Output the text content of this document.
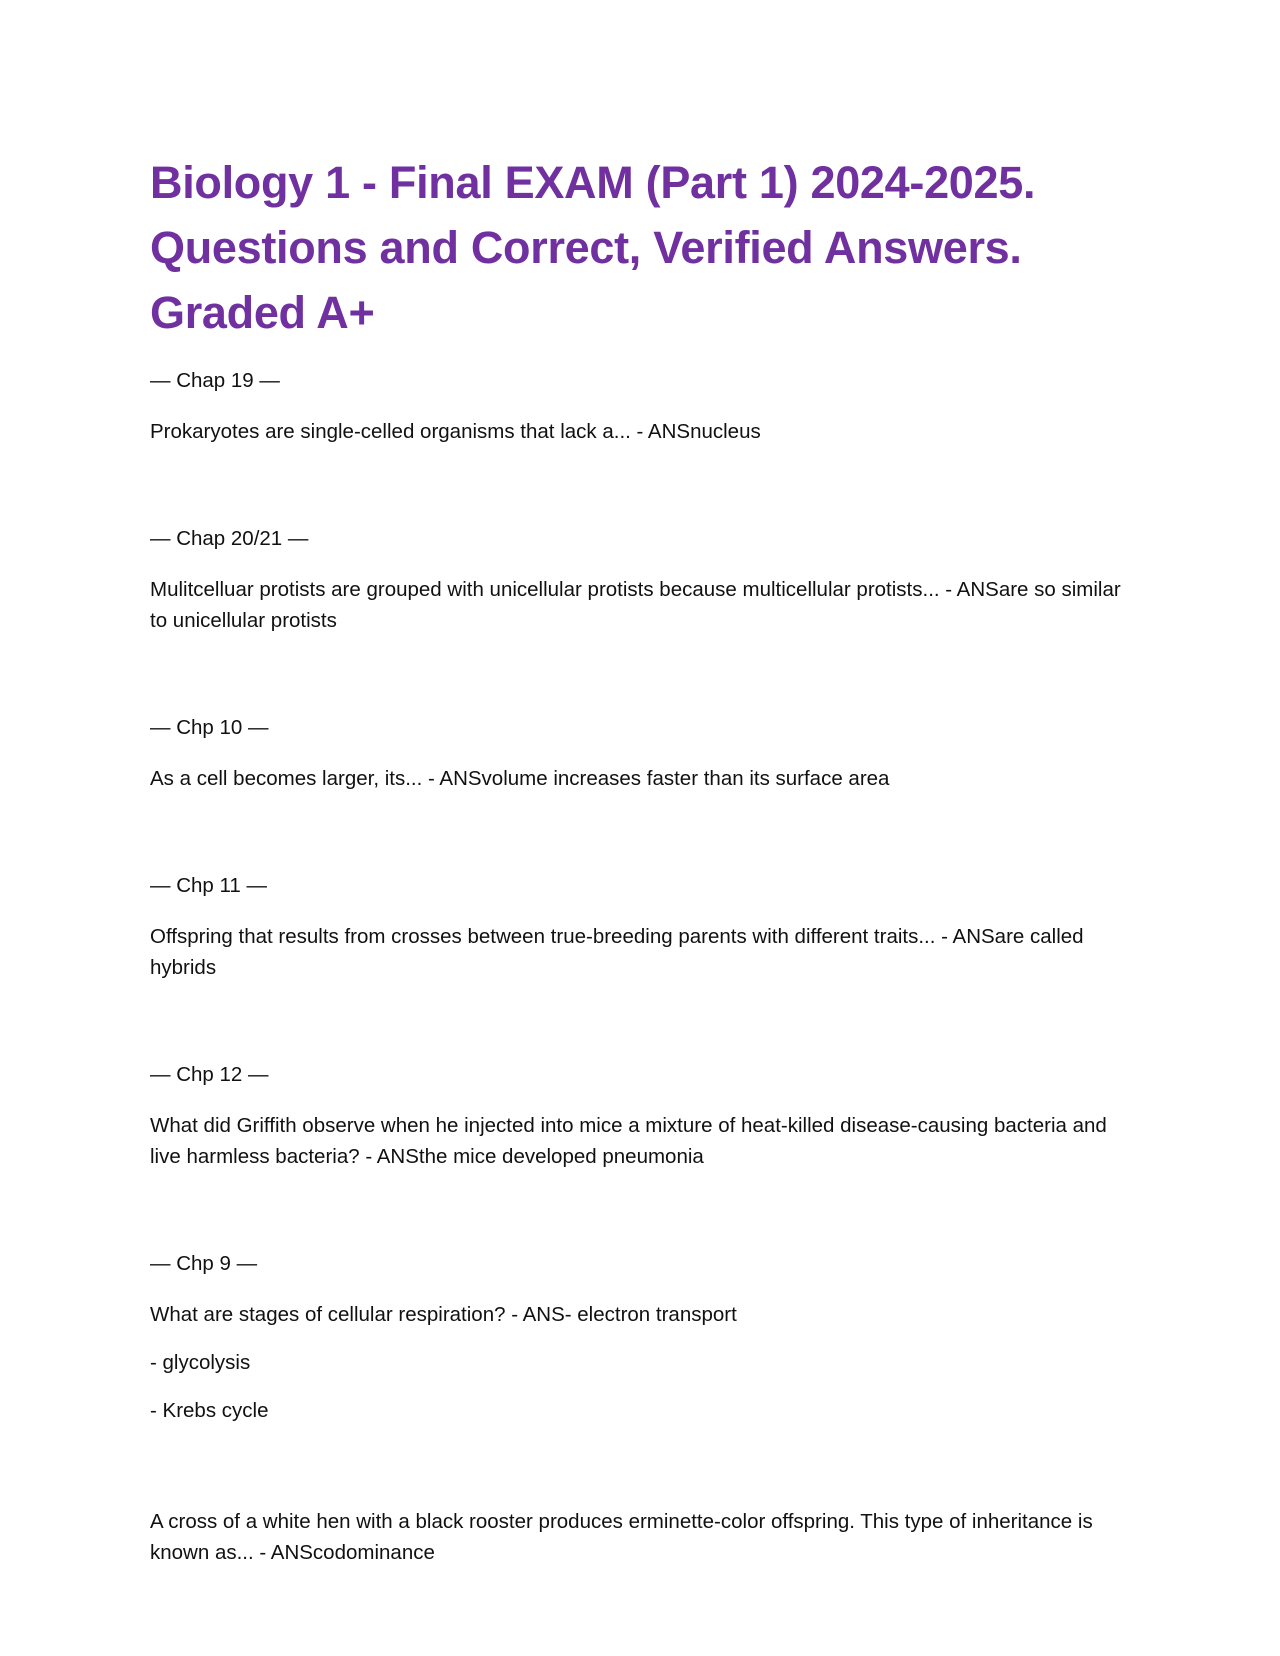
Biology 1 - Final EXAM (Part 1) 2024-2025. Questions and Correct, Verified Answers. Graded A+

— Chap 19 —

Prokaryotes are single-celled organisms that lack a... - ANSnucleus

— Chap 20/21 —

Mulitcelluar protists are grouped with unicellular protists because multicellular protists... - ANSare so similar to unicellular protists

— Chp 10 —

As a cell becomes larger, its... - ANSvolume increases faster than its surface area

— Chp 11 —

Offspring that results from crosses between true-breeding parents with different traits... - ANSare called hybrids

— Chp 12 —

What did Griffith observe when he injected into mice a mixture of heat-killed disease-causing bacteria and live harmless bacteria? - ANSthe mice developed pneumonia

— Chp 9 —

What are stages of cellular respiration? - ANS- electron transport

- glycolysis

- Krebs cycle

A cross of a white hen with a black rooster produces erminette-color offspring. This type of inheritance is known as... - ANScodominance
